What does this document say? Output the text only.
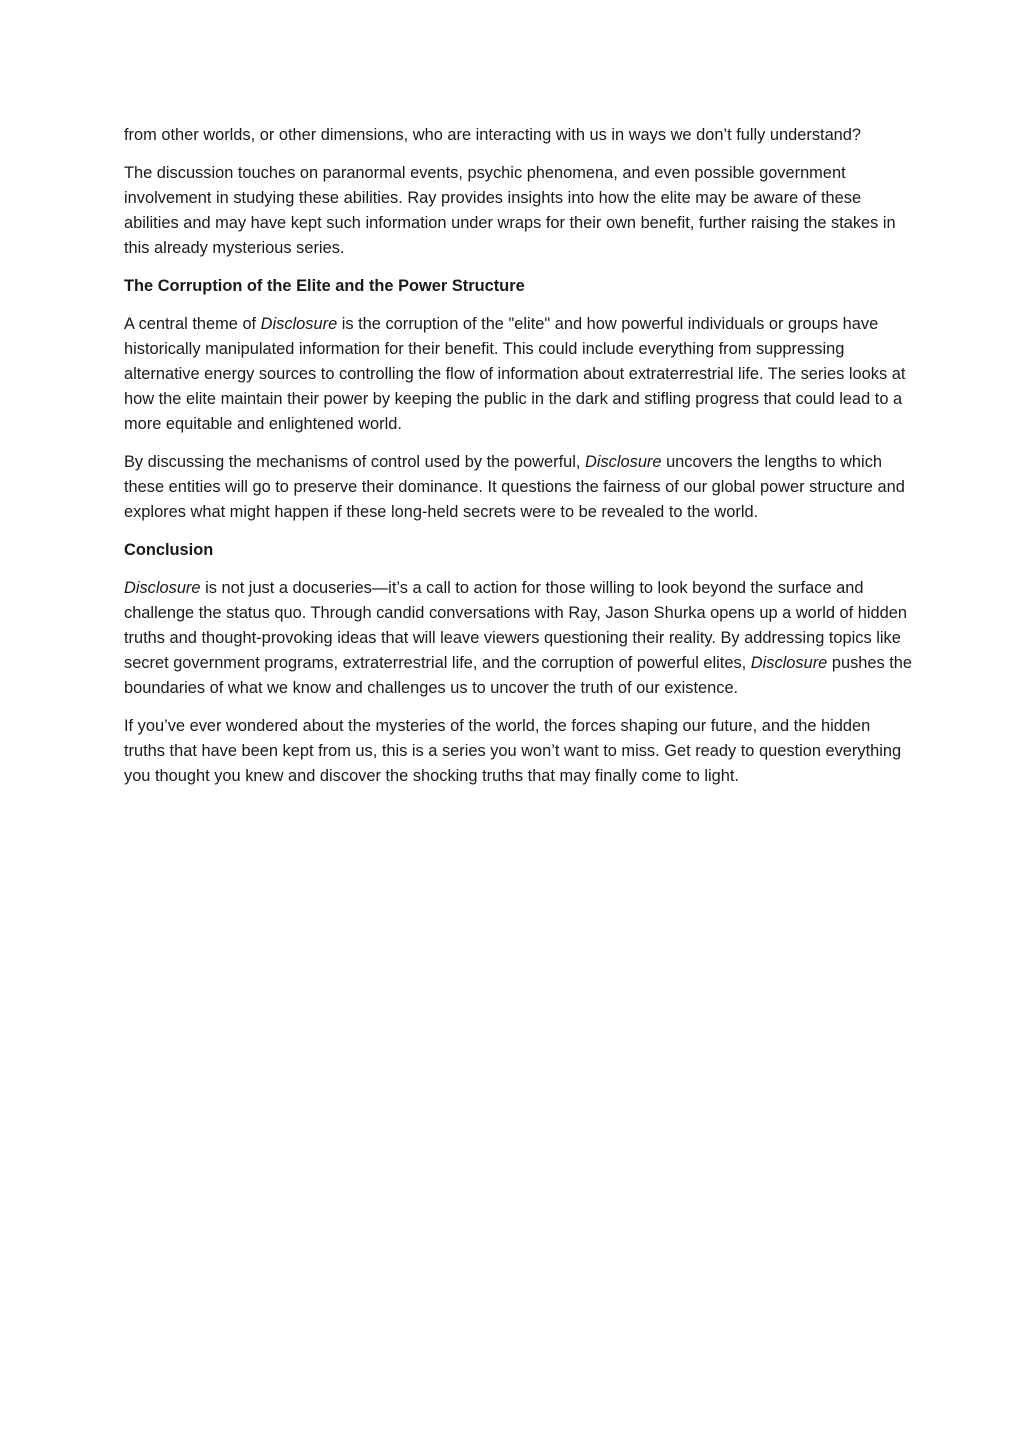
from other worlds, or other dimensions, who are interacting with us in ways we don’t fully understand?

The discussion touches on paranormal events, psychic phenomena, and even possible government involvement in studying these abilities. Ray provides insights into how the elite may be aware of these abilities and may have kept such information under wraps for their own benefit, further raising the stakes in this already mysterious series.

The Corruption of the Elite and the Power Structure

A central theme of Disclosure is the corruption of the "elite" and how powerful individuals or groups have historically manipulated information for their benefit. This could include everything from suppressing alternative energy sources to controlling the flow of information about extraterrestrial life. The series looks at how the elite maintain their power by keeping the public in the dark and stifling progress that could lead to a more equitable and enlightened world.

By discussing the mechanisms of control used by the powerful, Disclosure uncovers the lengths to which these entities will go to preserve their dominance. It questions the fairness of our global power structure and explores what might happen if these long-held secrets were to be revealed to the world.

Conclusion

Disclosure is not just a docuseries—it’s a call to action for those willing to look beyond the surface and challenge the status quo. Through candid conversations with Ray, Jason Shurka opens up a world of hidden truths and thought-provoking ideas that will leave viewers questioning their reality. By addressing topics like secret government programs, extraterrestrial life, and the corruption of powerful elites, Disclosure pushes the boundaries of what we know and challenges us to uncover the truth of our existence.

If you’ve ever wondered about the mysteries of the world, the forces shaping our future, and the hidden truths that have been kept from us, this is a series you won’t want to miss. Get ready to question everything you thought you knew and discover the shocking truths that may finally come to light.
